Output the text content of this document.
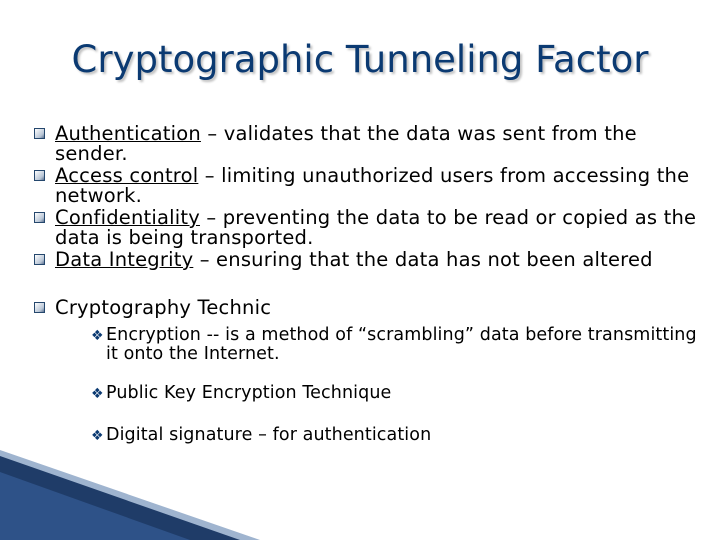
Cryptographic Tunneling Factor
Authentication – validates that the data was sent from the sender.
Access control – limiting unauthorized users from accessing the network.
Confidentiality – preventing the data to be read or copied as the data is being transported.
Data Integrity – ensuring that the data has not been altered
Cryptography Technic
❖ Encryption -- is a method of “scrambling” data before transmitting it onto the Internet.
❖ Public Key Encryption Technique
❖ Digital signature – for authentication
